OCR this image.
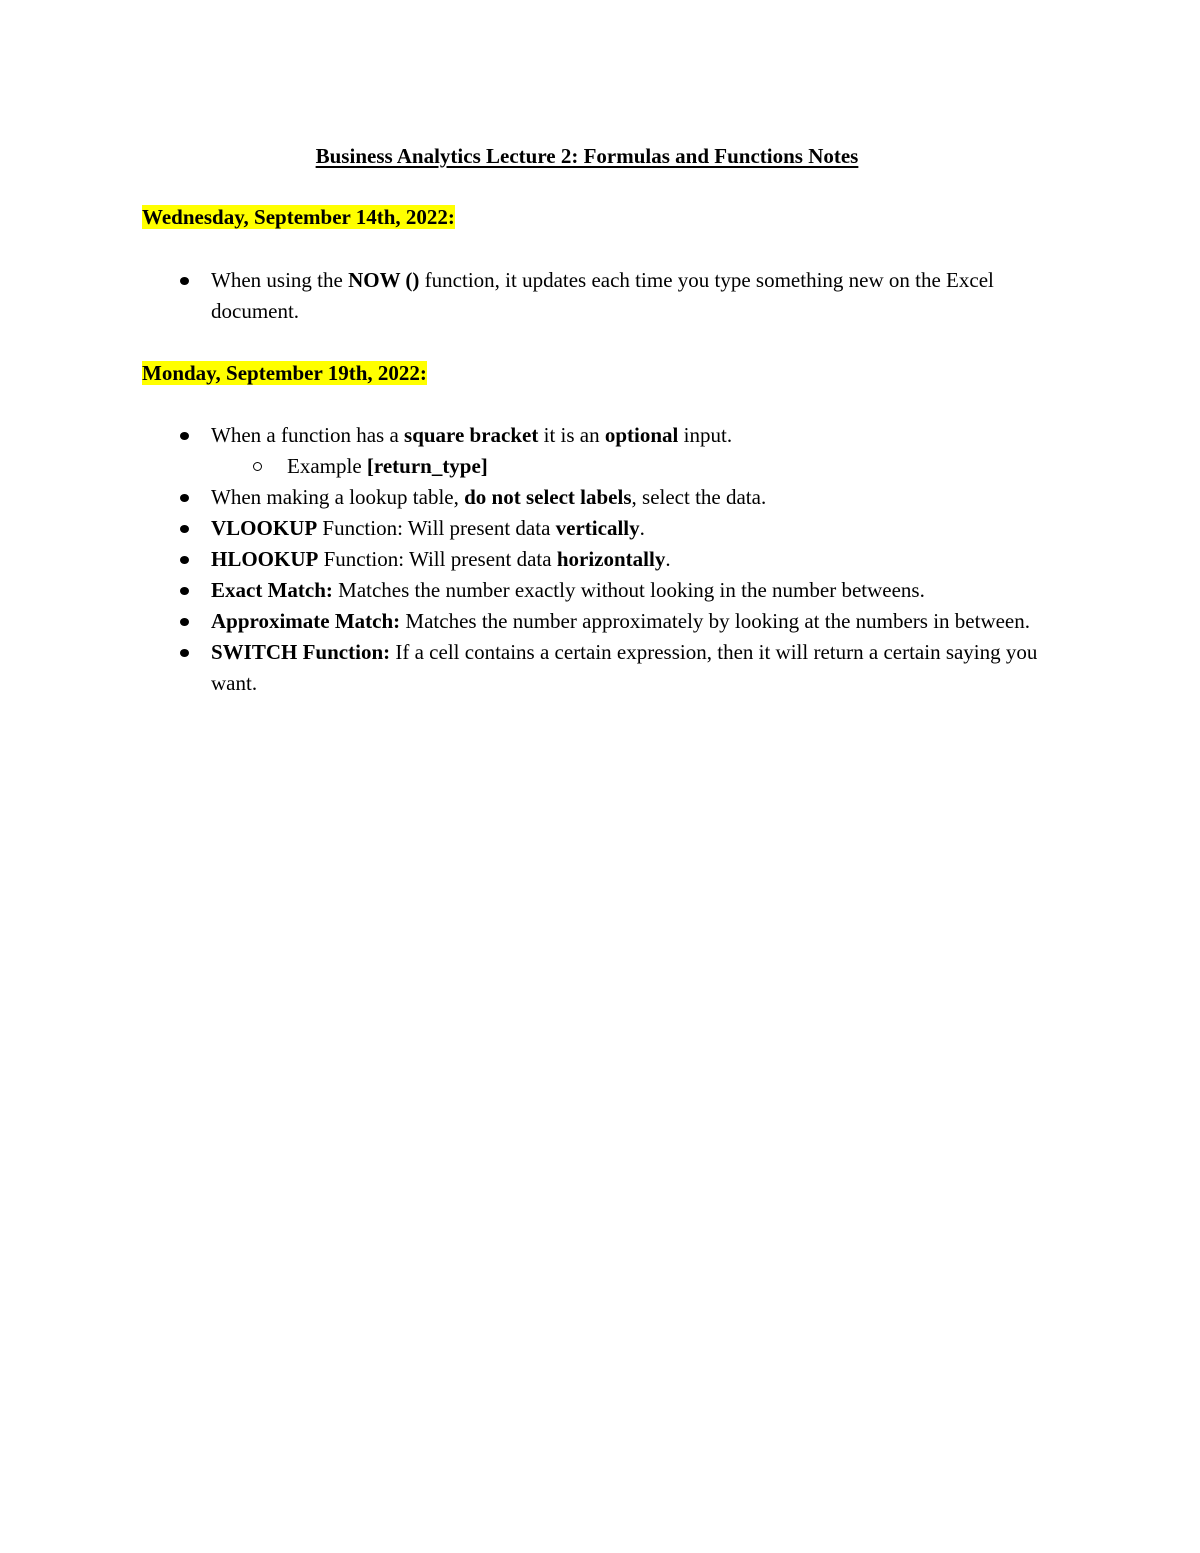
Business Analytics Lecture 2: Formulas and Functions Notes
Wednesday, September 14th, 2022:
When using the NOW () function, it updates each time you type something new on the Excel document.
Monday, September 19th, 2022:
When a function has a square bracket it is an optional input.
Example [return_type]
When making a lookup table, do not select labels, select the data.
VLOOKUP Function: Will present data vertically.
HLOOKUP Function: Will present data horizontally.
Exact Match: Matches the number exactly without looking in the number betweens.
Approximate Match: Matches the number approximately by looking at the numbers in between.
SWITCH Function: If a cell contains a certain expression, then it will return a certain saying you want.
